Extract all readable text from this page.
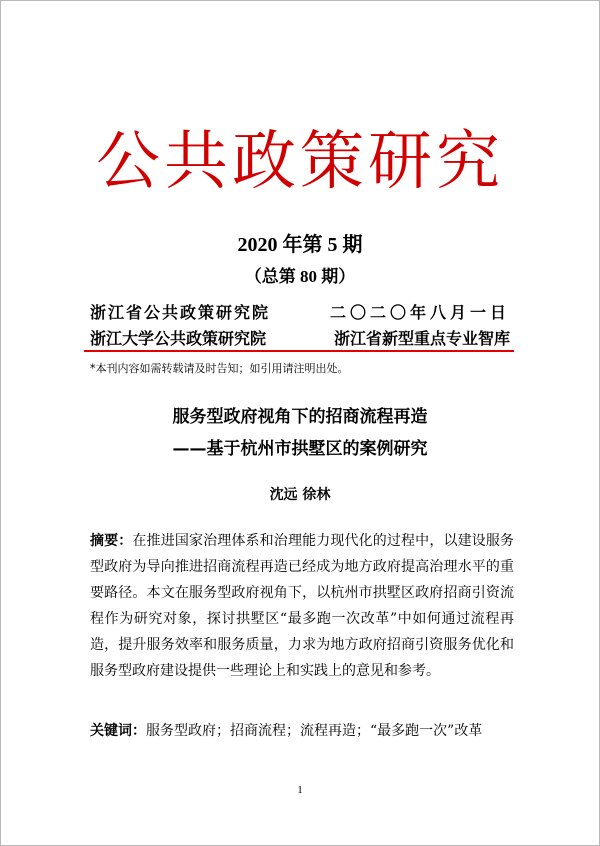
公共政策研究
2020 年第 5 期
（总第 80 期）
浙江省公共政策研究院	二〇二〇年八月一日
浙江大学公共政策研究院	浙江省新型重点专业智库
*本刊内容如需转载请及时告知；如引用请注明出处。
服务型政府视角下的招商流程再造
——基于杭州市拱墅区的案例研究
沈远 徐林
摘要：在推进国家治理体系和治理能力现代化的过程中，以建设服务型政府为导向推进招商流程再造已经成为地方政府提高治理水平的重要路径。本文在服务型政府视角下，以杭州市拱墅区政府招商引资流程作为研究对象，探讨拱墅区“最多跑一次改革”中如何通过流程再造，提升服务效率和服务质量，力求为地方政府招商引资服务优化和服务型政府建设提供一些理论上和实践上的意见和参考。
关键词：服务型政府；招商流程；流程再造；“最多跑一次”改革
1
